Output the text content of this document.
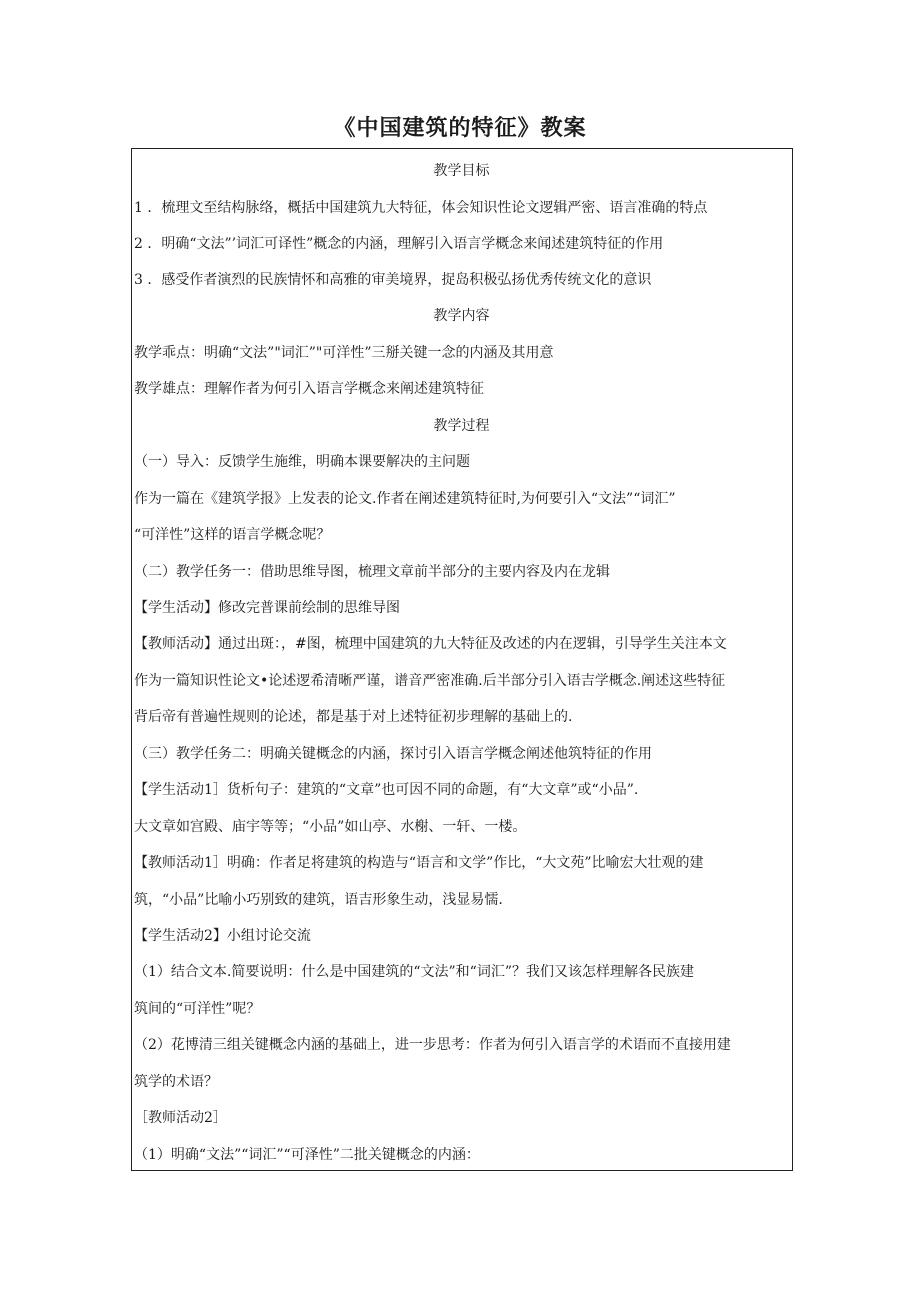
《中国建筑的特征》教案
教学目标
1 ．梳理文至结构脉络，概括中国建筑九大特征，体会知识性论文逻辑严密、语言准确的特点
2 ．明确“文法”’词汇可译性”概念的内涵，理解引入语言学概念来闻述建筑特征的作用
3 ．感受作者演烈的民族情怀和高雅的审美境界，捉岛积极弘扬优秀传统文化的意识
教学内容
教学乖点：明确“文法”"词汇”"可洋性”三掰关键一念的内涵及其用意
教学雄点：理解作者为何引入语言学概念来阐述建筑特征
教学过程
（一）导入：反馈学生施维，明确本课要解决的主问题
作为一篇在《建筑学报》上发表的论文.作者在阐述建筑特征时,为何要引入“文法”“词汇”
“可洋性”这样的语言学概念呢？
（二）教学任务一：借助思维导图，梳理文章前半部分的主要内容及内在龙辑
【学生活动】修改完普课前绘制的思维导图
【教师活动】通过出斑：，#图，梳理中国建筑的九大特征及改述的内在逻辑，引导学生关注本文
作为一篇知识性论文•论述逻希清晰严谨，谱音严密准确.后半部分引入语吉学概念.阐述这些特征
背后帝有普遍性规则的论述，都是基于对上述特征初步理解的基础上的.
（三）教学任务二：明确关键概念的内涵，探讨引入语言学概念阐述他筑特征的作用
【学生活动1］货析句子：建筑的“文章”也可因不同的命题，有“大文章”或“小品”.
大文章如宫殿、庙宇等等；“小品”如山亭、水榭、一轩、一楼。
【教师活动1］明确：作者足将建筑的构造与“语言和文学”作比，“大文苑”比喻宏大壮观的建
筑，“小品”比喻小巧别致的建筑，语吉形象生动，浅显易懦.
【学生活动2】小组讨论交流
（1）结合文本.简要说明：什么是中国建筑的“文法”和“词汇”？我们又该怎样理解各民族建
筑间的“可洋性”呢？
（2）花博清三组关键概念内涵的基础上，进一步思考：作者为何引入语言学的术语而不直接用建
筑学的术语？
［教师活动2］
（1）明确“文法”“词汇”“可泽性”二批关键概念的内涵：
